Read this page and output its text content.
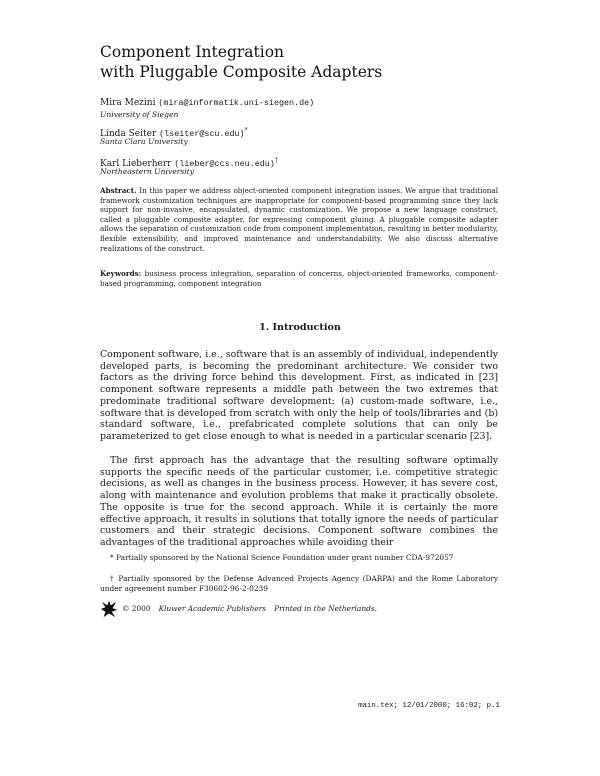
Component Integration
with Pluggable Composite Adapters
Mira Mezini (mira@informatik.uni-siegen.de)
University of Siegen
Linda Seiter (lseiter@scu.edu)*
Santa Clara University
Karl Lieberherr (lieber@ccs.neu.edu)†
Northeastern University
Abstract. In this paper we address object-oriented component integration issues. We argue that traditional framework customization techniques are inappropriate for component-based programming since they lack support for non-invasive, encapsulated, dynamic customization. We propose a new language construct, called a pluggable composite adapter, for expressing component gluing. A pluggable composite adapter allows the separation of customization code from component implementation, resulting in better modularity, flexible extensibility, and improved maintenance and understandability. We also discuss alternative realizations of the construct.
Keywords: business process integration, separation of concerns, object-oriented frameworks, component-based programming, component integration
1. Introduction

Component software, i.e., software that is an assembly of individual, independently developed parts, is becoming the predominant architecture. We consider two factors as the driving force behind this development. First, as indicated in [23] component software represents a middle path between the two extremes that predominate traditional software development: (a) custom-made software, i.e., software that is developed from scratch with only the help of tools/libraries and (b) standard software, i.e., prefabricated complete solutions that can only be parameterized to get close enough to what is needed in a particular scenario [23].

The first approach has the advantage that the resulting software optimally supports the specific needs of the particular customer, i.e. competitive strategic decisions, as well as changes in the business process. However, it has severe cost, along with maintenance and evolution problems that make it practically obsolete. The opposite is true for the second approach. While it is certainly the more effective approach, it results in solutions that totally ignore the needs of particular customers and their strategic decisions. Component software combines the advantages of the traditional approaches while avoiding their

* Partially sponsored by the National Science Foundation under grant number CDA-972057

† Partially sponsored by the Defense Advanced Projects Agency (DARPA) and the Rome Laboratory under agreement number F30602-96-2-0239

© 2000 Kluwer Academic Publishers Printed in the Netherlands.
main.tex; 12/01/2000; 16:02; p.1
